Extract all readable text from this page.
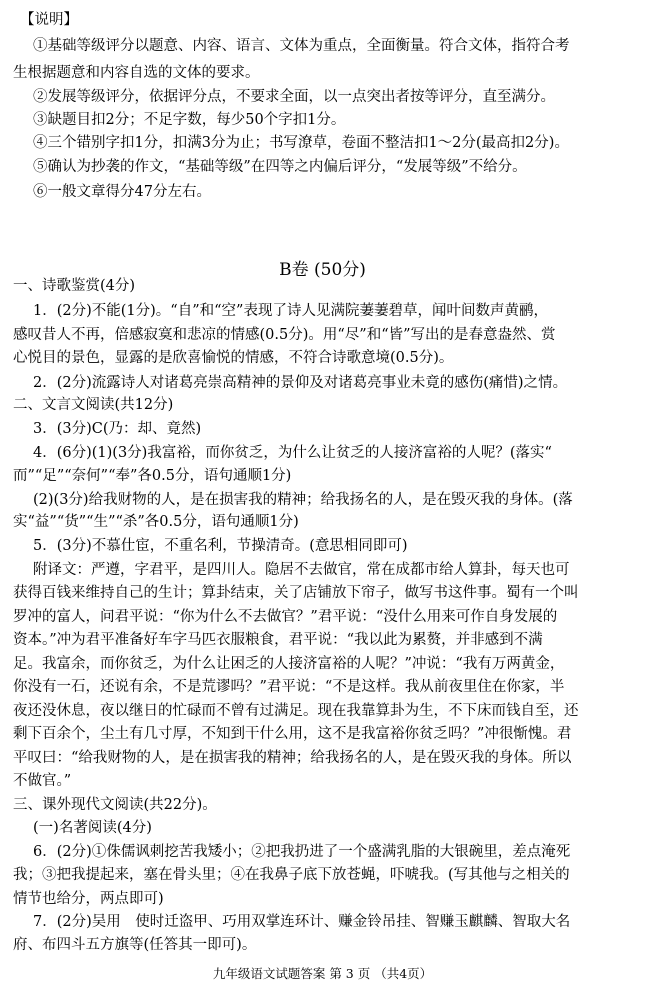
【说明】
①基础等级评分以题意、内容、语言、文体为重点，全面衡量。符合文体，指符合考
生根据题意和内容自选的文体的要求。
②发展等级评分，依据评分点，不要求全面，以一点突出者按等评分，直至满分。
③缺题目扣2分；不足字数，每少50个字扣1分。
④三个错别字扣1分，扣满3分为止；书写潦草，卷面不整洁扣1～2分(最高扣2分)。
⑤确认为抄袭的作文，“基础等级”在四等之内偏后评分，“发展等级”不给分。
⑥一般文章得分47分左右。
B卷 (50分)
一、诗歌鉴赏(4分)
1．(2分)不能(1分)。“自”和“空”表现了诗人见满院萋萋碧草，闻叶间数声黄鹂，
感叹昔人不再，倍感寂寞和悲凉的情感(0.5分)。用“尽”和“皆”写出的是春意盎然、赏
心悦目的景色，显露的是欣喜愉悦的情感，不符合诗歌意境(0.5分)。
2．(2分)流露诗人对诸葛亮崇高精神的景仰及对诸葛亮事业未竟的感伤(痛惜)之情。
二、文言文阅读(共12分)
3．(3分)C(乃：却、竟然)
4．(6分)(1)(3分)我富裕，而你贫乏，为什么让贫乏的人接济富裕的人呢？(落实“
而”“足”“奈何”“奉”各0.5分，语句通顺1分)
(2)(3分)给我财物的人，是在损害我的精神；给我扬名的人，是在毁灭我的身体。(落
实“益”“货”“生”“杀”各0.5分，语句通顺1分)
5．(3分)不慕仕宦，不重名利，节操清奇。(意思相同即可)
附译文：严遵，字君平，是四川人。隐居不去做官，常在成都市给人算卦，每天也可
获得百钱来维持自己的生计；算卦结束，关了店铺放下帘子，做写书这件事。蜀有一个叫
罗冲的富人，问君平说：“你为什么不去做官？”君平说：“没什么用来可作自身发展的
资本。”冲为君平准备好车字马匹衣服粮食，君平说：“我以此为累赘，并非感到不满
足。我富余，而你贫乏，为什么让困乏的人接济富裕的人呢？”冲说：“我有万两黄金，
你没有一石，还说有余，不是荒谬吗？”君平说：“不是这样。我从前夜里住在你家，半
夜还没休息，夜以继日的忙碌而不曾有过满足。现在我靠算卦为生，不下床而钱自至，还
剩下百余个，尘土有几寸厚，不知到干什么用，这不是我富裕你贫乏吗？”冲很惭愧。君
平叹曰：“给我财物的人，是在损害我的精神；给我扬名的人，是在毁灭我的身体。所以
不做官。”
三、课外现代文阅读(共22分)。
(一)名著阅读(4分)
6．(2分)①侏儒讽刺挖苦我矮小；②把我扔进了一个盛满乳脂的大银碗里，差点淹死
我；③把我提起来，塞在骨头里；④在我鼻子底下放苍蝇，吓唬我。(写其他与之相关的
情节也给分，两点即可)
7．(2分)吴用　使时迁盗甲、巧用双掌连环计、赚金铃吊挂、智赚玉麒麟、智取大名
府、布四斗五方旗等(任答其一即可)。
九年级语文试题答案 第 3 页 （共4页）
